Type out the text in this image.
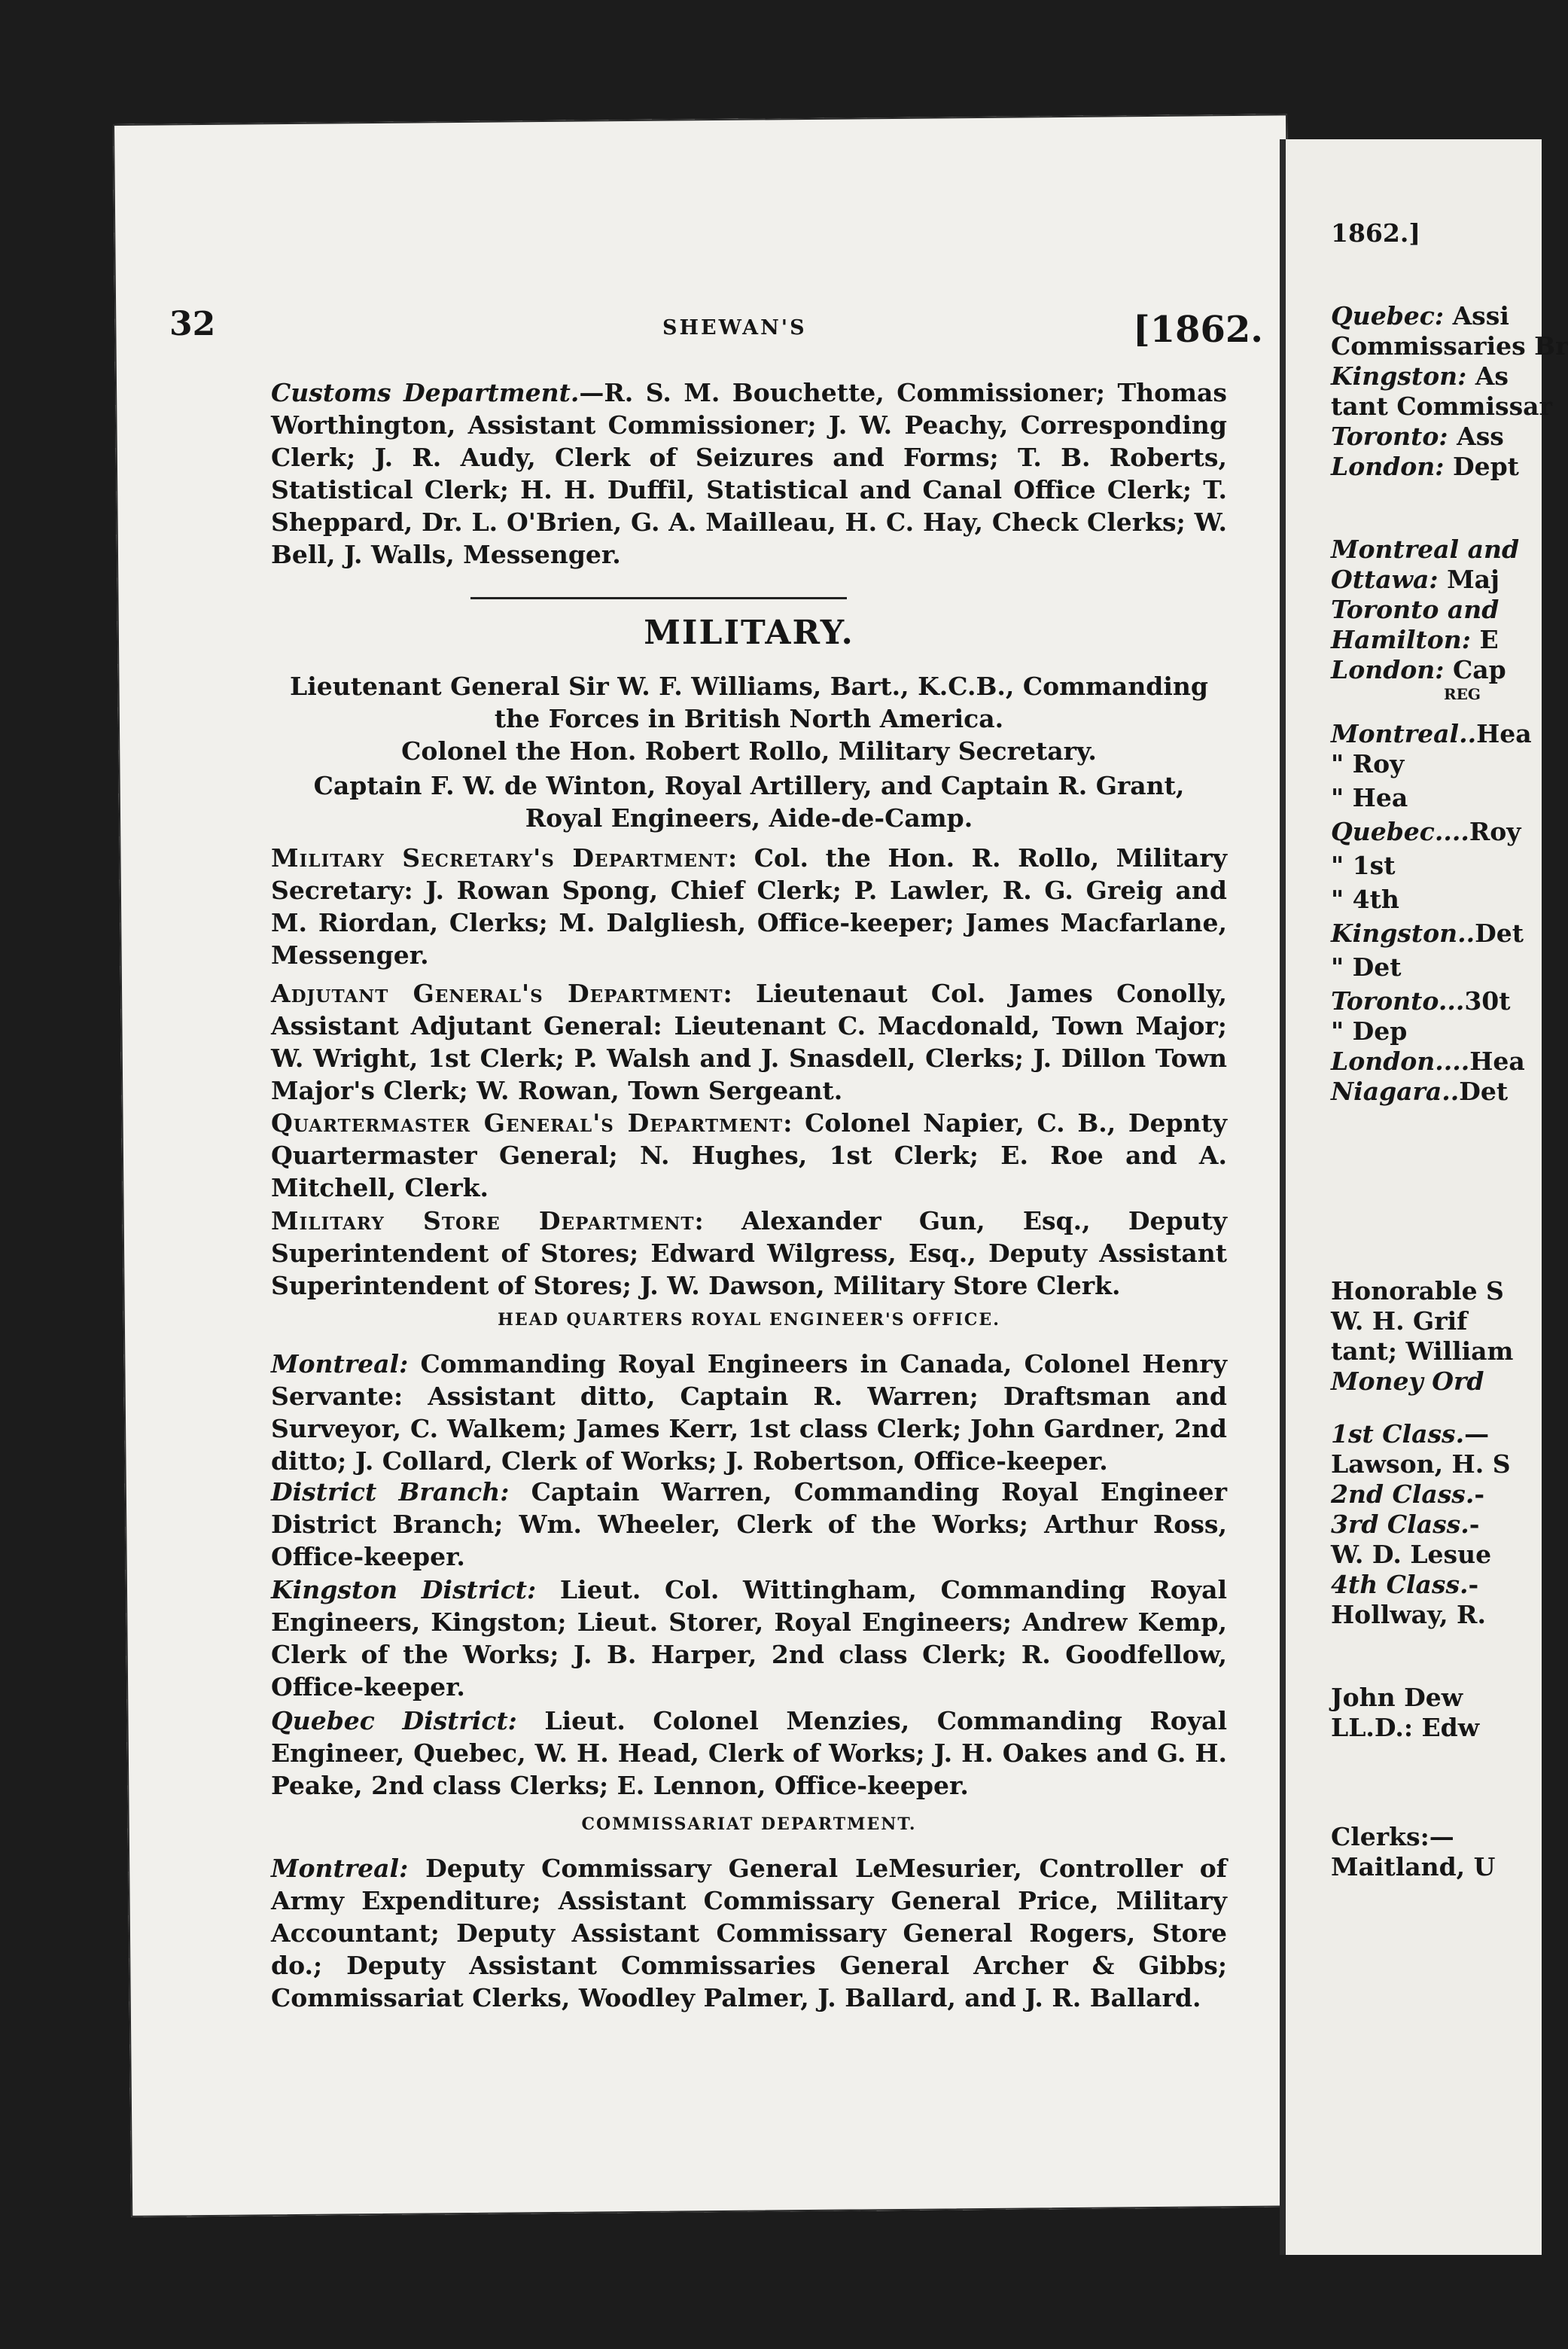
1862.]
Quebec: Assi
Commissaries Br
Kingston: As
tant Commissar
Toronto: Ass
London: Dept
Montreal and
Ottawa: Maj
Toronto and
Hamilton: E
London: Cap
REG
Montreal..Hea
" Roy
" Hea
Quebec....Roy
" 1st
" 4th
Kingston..Det
" Det
Toronto...30t
" Dep
London....Hea
Niagara..Det
Honorable S
W. H. Grif
tant; William
Money Ord
1st Class.—
Lawson, H. S
2nd Class.-
3rd Class.-
W. D. Lesue
4th Class.-
Hollway, R.
John Dew
LL.D.: Edw
Clerks:—
Maitland, U
32	SHEWAN'S	[1862.
Customs Department.—R. S. M. Bouchette, Commissioner; Thomas Worthington, Assistant Commissioner; J. W. Peachy, Corresponding Clerk; J. R. Audy, Clerk of Seizures and Forms; T. B. Roberts, Statistical Clerk; H. H. Duffil, Statistical and Canal Office Clerk; T. Sheppard, Dr. L. O'Brien, G. A. Mailleau, H. C. Hay, Check Clerks; W. Bell, J. Walls, Messenger.
MILITARY.
Lieutenant General Sir W. F. Williams, Bart., K.C.B., Commanding the Forces in British North America.
Colonel the Hon. Robert Rollo, Military Secretary.
Captain F. W. de Winton, Royal Artillery, and Captain R. Grant, Royal Engineers, Aide-de-Camp.
Military Secretary's Department: Col. the Hon. R. Rollo, Military Secretary: J. Rowan Spong, Chief Clerk; P. Lawler, R. G. Greig and M. Riordan, Clerks; M. Dalgliesh, Office-keeper; James Macfarlane, Messenger.
Adjutant General's Department: Lieutenaut Col. James Conolly, Assistant Adjutant General: Lieutenant C. Macdonald, Town Major; W. Wright, 1st Clerk; P. Walsh and J. Snasdell, Clerks; J. Dillon Town Major's Clerk; W. Rowan, Town Sergeant.
Quartermaster General's Department: Colonel Napier, C. B., Depnty Quartermaster General; N. Hughes, 1st Clerk; E. Roe and A. Mitchell, Clerk.
Military Store Department: Alexander Gun, Esq., Deputy Superintendent of Stores; Edward Wilgress, Esq., Deputy Assistant Superintendent of Stores; J. W. Dawson, Military Store Clerk.
HEAD QUARTERS ROYAL ENGINEER'S OFFICE.
Montreal: Commanding Royal Engineers in Canada, Colonel Henry Servante: Assistant ditto, Captain R. Warren; Draftsman and Surveyor, C. Walkem; James Kerr, 1st class Clerk; John Gardner, 2nd ditto; J. Collard, Clerk of Works; J. Robertson, Office-keeper.
District Branch: Captain Warren, Commanding Royal Engineer District Branch; Wm. Wheeler, Clerk of the Works; Arthur Ross, Office-keeper.
Kingston District: Lieut. Col. Wittingham, Commanding Royal Engineers, Kingston; Lieut. Storer, Royal Engineers; Andrew Kemp, Clerk of the Works; J. B. Harper, 2nd class Clerk; R. Goodfellow, Office-keeper.
Quebec District: Lieut. Colonel Menzies, Commanding Royal Engineer, Quebec, W. H. Head, Clerk of Works; J. H. Oakes and G. H. Peake, 2nd class Clerks; E. Lennon, Office-keeper.
COMMISSARIAT DEPARTMENT.
Montreal: Deputy Commissary General LeMesurier, Controller of Army Expenditure; Assistant Commissary General Price, Military Accountant; Deputy Assistant Commissary General Rogers, Store do.; Deputy Assistant Commissaries General Archer & Gibbs; Commissariat Clerks, Woodley Palmer, J. Ballard, and J. R. Ballard.
